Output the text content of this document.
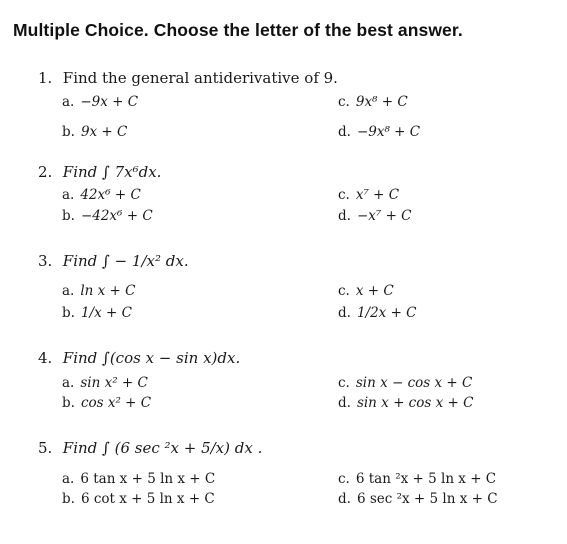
Multiple Choice. Choose the letter of the best answer.
1. Find the general antiderivative of 9.
a. −9x + C
b. 9x + C
c. 9x⁸ + C
d. −9x⁸ + C
2. Find ∫ 7x⁶dx.
a. 42x⁶ + C
b. −42x⁶ + C
c. x⁷ + C
d. −x⁷ + C
3. Find ∫ − 1/x² dx.
a. ln x + C
b. 1/x + C
c. x + C
d. 1/2x + C
4. Find ∫(cos x − sin x)dx.
a. sin x² + C
b. cos x² + C
c. sin x − cos x + C
d. sin x + cos x + C
5. Find ∫ (6 sec ²x + 5/x) dx .
a. 6 tan x + 5 ln x + C
b. 6 cot x + 5 ln x + C
c. 6 tan ²x + 5 ln x + C
d. 6 sec ²x + 5 ln x + C
